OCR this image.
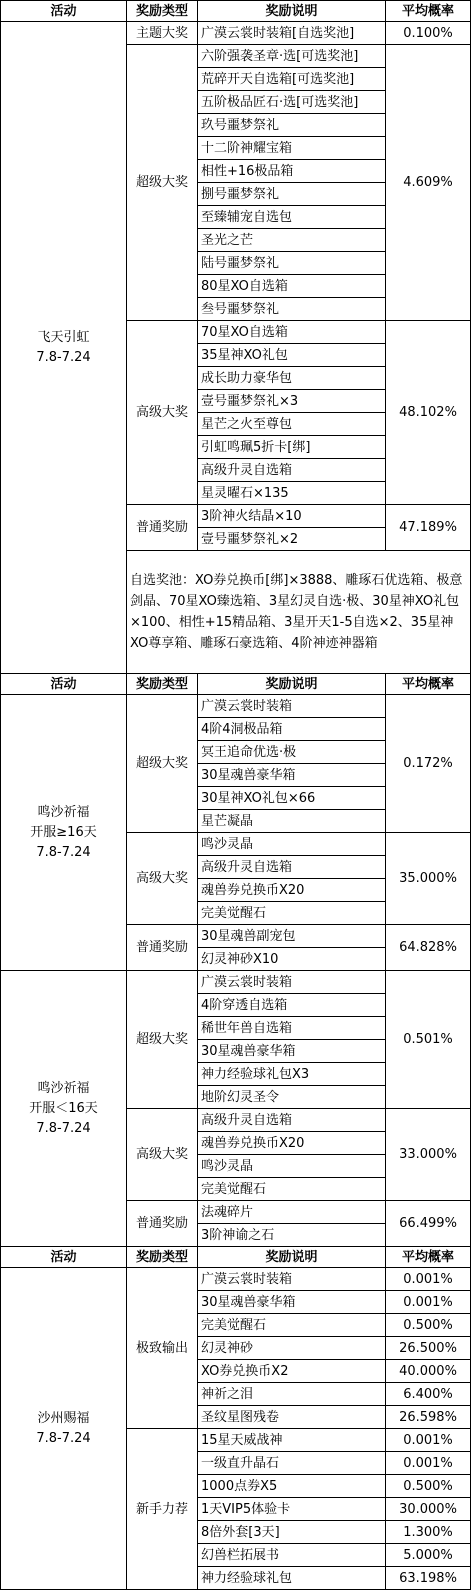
活动	奖励类型	奖励说明	平均概率

飞天引虹
7.8-7.24	主题大奖	广漠云裳时装箱[自选奖池]	0.100%
	超级大奖	六阶强袭圣章·选[可选奖池]	4.609%
		荒碎开天自选箱[可选奖池]	
		五阶极品匠石·选[可选奖池]	
		玖号噩梦祭礼	
		十二阶神耀宝箱	
		相性+16极品箱	
		捌号噩梦祭礼	
		至臻辅宠自选包	
		圣光之芒	
		陆号噩梦祭礼	
		80星XO自选箱	
		叁号噩梦祭礼	
	高级大奖	70星XO自选箱	48.102%
		35星神XO礼包	
		成长助力豪华包	
		壹号噩梦祭礼×3	
		星芒之火至尊包	
		引虹鸣珮5折卡[绑]	
		高级升灵自选箱	
		星灵曜石×135	
	普通奖励	3阶神火结晶×10	47.189%
		壹号噩梦祭礼×2	
	自选奖池：XO券兑换币[绑]×3888、雕琢石优选箱、极意剑晶、70星XO臻选箱、3星幻灵自选·极、30星神XO礼包×100、相性+15精品箱、3星开天1-5自选×2、35星神XO尊享箱、雕琢石豪选箱、4阶神迹神器箱		
活动	奖励类型	奖励说明	平均概率

鸣沙祈福
开服≥16天
7.8-7.24	超级大奖	广漠云裳时装箱	0.172%
		4阶4洞极品箱	
		冥王追命优选·极	
		30星魂兽豪华箱	
		30星神XO礼包×66	
		星芒凝晶	
	高级大奖	鸣沙灵晶	35.000%
		高级升灵自选箱	
		魂兽券兑换币X20	
		完美觉醒石	
	普通奖励	30星魂兽副宠包	64.828%
		幻灵神砂X10	

鸣沙祈福
开服＜16天
7.8-7.24	超级大奖	广漠云裳时装箱	0.501%
		4阶穿透自选箱	
		稀世年兽自选箱	
		30星魂兽豪华箱	
		神力经验球礼包X3	
		地阶幻灵圣令	
	高级大奖	高级升灵自选箱	33.000%
		魂兽券兑换币X20	
		鸣沙灵晶	
		完美觉醒石	
	普通奖励	法魂碎片	66.499%
		3阶神谕之石	
活动	奖励类型	奖励说明	平均概率

沙州赐福
7.8-7.24	极致输出	广漠云裳时装箱	0.001%
		30星魂兽豪华箱	0.001%
		完美觉醒石	0.500%
		幻灵神砂	26.500%
		XO券兑换币X2	40.000%
		神祈之泪	6.400%
		圣纹星图残卷	26.598%
	新手力荐	15星天威战神	0.001%
		一级直升晶石	0.001%
		1000点券X5	0.500%
		1天VIP5体验卡	30.000%
		8倍外套[3天]	1.300%
		幻兽栏拓展书	5.000%
		神力经验球礼包	63.198%
